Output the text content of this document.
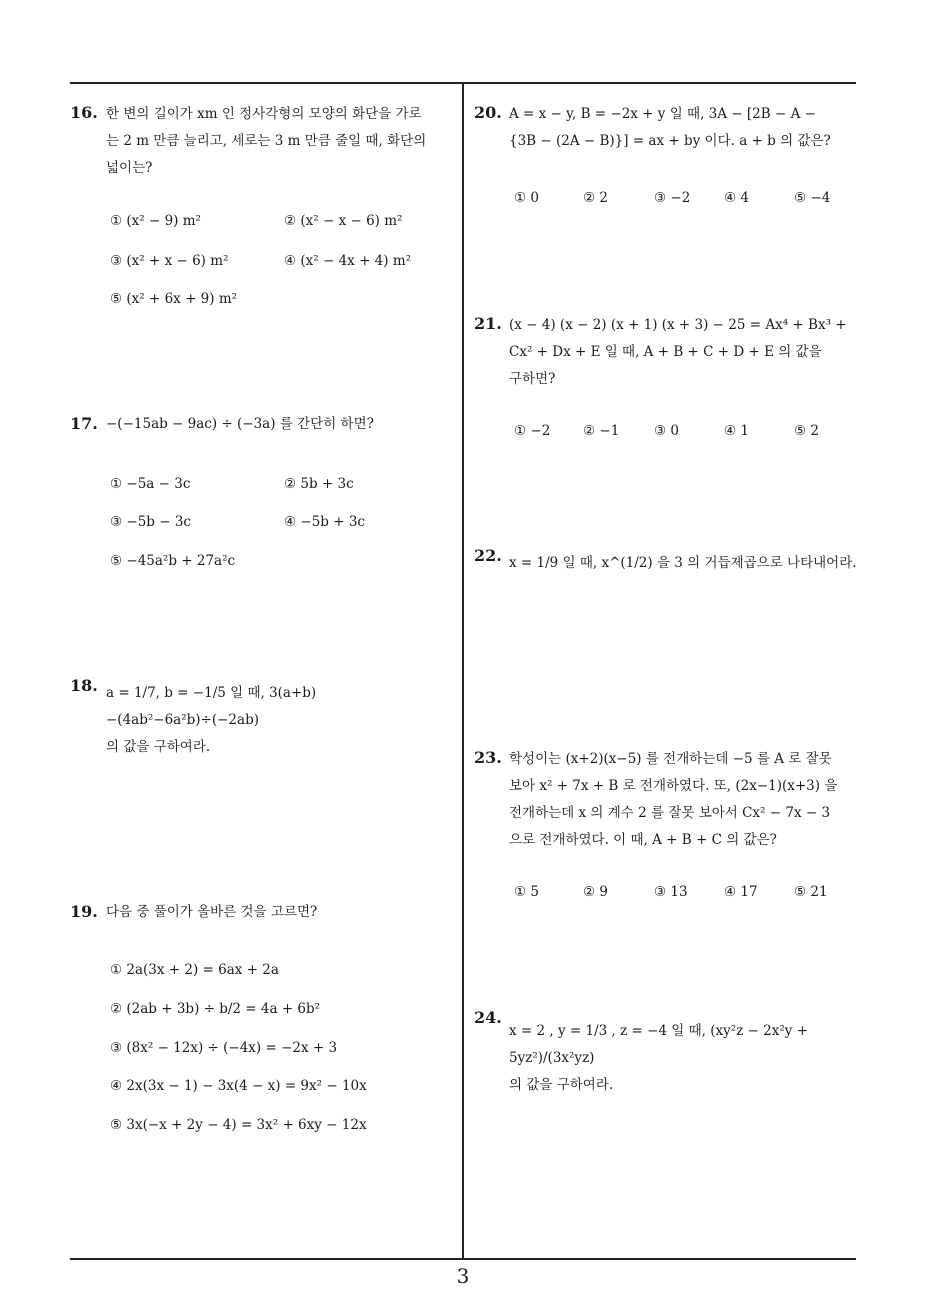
16. 한 변의 길이가 xm 인 정사각형의 모양의 화단을 가로
는 2 m 만큼 늘리고, 세로는 3 m 만큼 줄일 때, 화단의
넓이는?
① (x² − 9) m²	② (x² − x − 6) m²
③ (x² + x − 6) m²	④ (x² − 4x + 4) m²
⑤ (x² + 6x + 9) m²
17. −(−15ab − 9ac) ÷ (−3a) 를 간단히 하면?
① −5a − 3c	② 5b + 3c
③ −5b − 3c	④ −5b + 3c
⑤ −45a²b + 27a²c
18. a = 1/7, b = −1/5 일 때, 3(a+b)−(4ab²−6a²b)÷(−2ab)
의 값을 구하여라.
19. 다음 중 풀이가 올바른 것을 고르면?
① 2a(3x + 2) = 6ax + 2a
② (2ab + 3b) ÷ b/2 = 4a + 6b²
③ (8x² − 12x) ÷ (−4x) = −2x + 3
④ 2x(3x − 1) − 3x(4 − x) = 9x² − 10x
⑤ 3x(−x + 2y − 4) = 3x² + 6xy − 12x
20. A = x − y, B = −2x + y 일 때, 3A − [2B − A −
{3B − (2A − B)}] = ax + by 이다. a + b 의 값은?
① 0	② 2	③ −2 ④ 4	⑤ −4
21. (x − 4) (x − 2) (x + 1) (x + 3) − 25 = Ax⁴ + Bx³ +
Cx² + Dx + E 일 때, A + B + C + D + E 의 값을
구하면?
① −2 ② −1	③ 0	④ 1	⑤ 2
22. x = 1/9 일 때, x^(1/2) 을 3 의 거듭제곱으로 나타내어라.
23. 학성이는 (x+2)(x−5) 를 전개하는데 −5 를 A 로 잘못
보아 x² + 7x + B 로 전개하였다. 또, (2x−1)(x+3) 을
전개하는데 x 의 계수 2 를 잘못 보아서 Cx² − 7x − 3
으로 전개하였다. 이 때, A + B + C 의 값은?
① 5	② 9	③ 13	④ 17	⑤ 21
24.
x = 2 , y = 1/3 , z = −4 일 때, (xy²z − 2x²y + 5yz²)/(3x²yz)
의 값을 구하여라.
3
